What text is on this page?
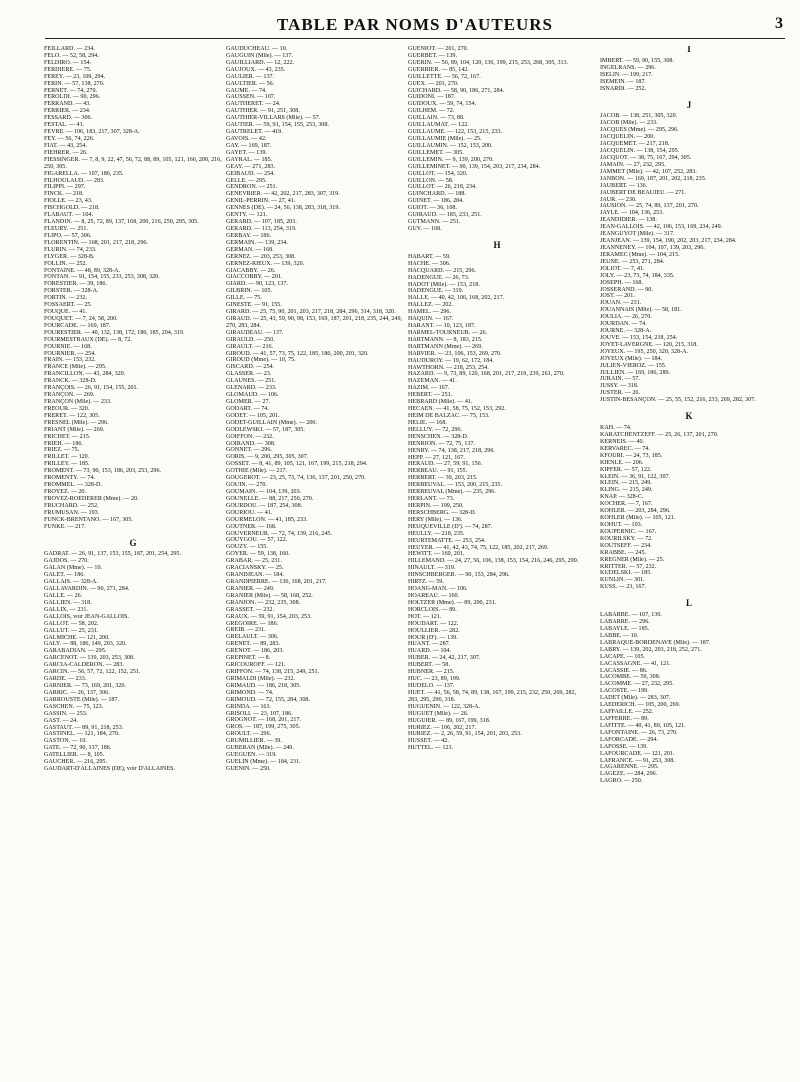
TABLE PAR NOMS D'AUTEURS	3
FEILLARD. — 234.
FÉLO. — 52, 58, 294.
FELDIRO. — 154.
FERDIÈRE. — 75.
FEREY. — 23, 109, 294.
FERIN. — 57, 138, 270.
FERNET. — 74, 270.
FEROLDI. — 90, 296.
FERRAND. — 43.
FERRIER. — 234.
FESSARD. — 306.
FESTAL. — 41.
FÈVRE. — 106, 183, 217, 307, 328-A.
FEY. — 56, 74, 226.
FIAT. — 43, 254.
FIEHRER. — 26.
FIESSINGER. — 7, 8, 9, 22, 47, 56, 72, 88, 89, 105, 121, 166, 200, 216, 250, 305.
FIGARELLA. — 107, 186, 235.
FILHOULAUD. — 283.
FILIPPI. — 297.
FINCK. — 218.
FIOLLE. — 23, 43.
FISCHGOLD. — 218.
FLABAUT. — 104.
FLANDIN. — 8, 25, 72, 89, 137, 168, 200, 216, 250, 295, 305.
FLEURY. — 251.
FLIPO. — 57, 306.
FLORENTIN. — 168, 201, 217, 218, 296.
FLURIN. — 74, 233.
FLYGER. — 328-B.
FOLLIN. — 252.
FONTAINE. — 48, 89, 328-A.
FONTAN. — 91, 154, 155, 233, 253, 308, 320.
FORESTIER. — 39, 186.
FORSTER. — 328-A.
FORTIN. — 232.
FOSSAERT. — 25.
FOUQUE. — 41.
FOUQUET. — 7, 24, 58, 200.
FOURCADE. — 169, 187.
FOURESTIER. — 40, 132, 138, 172, 180, 185, 204, 319.
FOURMESTRAUX (DE). — 8, 72.
FOURNIÉ. — 168.
FOURNIER. — 254.
FRAIN. — 153, 232.
FRANCE (Mlle). — 295.
FRANCILLON. — 43, 284, 320.
FRANCK. — 328-D.
FRANÇOIS. — 26, 91, 154, 155, 201.
FRANÇON. — 269.
FRANÇON (Mlle). — 233.
FRÉOUR. — 320.
FRÉRET. — 122, 305.
FRESNEL (Mlle). — 296.
FRIANT (Mlle). — 269.
FRICHET. — 215.
FRIEH. — 186.
FRIEZ. — 75.
FRILLET. — 120.
FRILLEY. — 185.
FROMENT. — 73, 90, 153, 186, 203, 253, 296.
FROMENTY. — 74.
FROMMEL. — 328-D.
FROYEZ. — 20.
FROYEZ-ROEDERER (Mme). — 20.
FRUCHARD. — 252.
FRUMUSAN. — 193.
FUNCK-BRENTANO. — 167, 305.
FUNKE. — 217.
G
GADRAT. — 26, 91, 137, 153, 155, 187, 201, 254, 295.
GAJDOS. — 270.
GALAN (Mme). — 10.
GALET. — 186.
GALLAIS. — 328-A.
GALLAVARDIN. — 90, 271, 284.
GALLE. — 26.
GALLIEN. — 318.
GALLIX. — 231.
GALLOIS, voir JEAN-GALLOIS.
GALLOT. — 58, 202.
GALLUT. — 25, 231.
GALMICHE. — 121, 200.
GALY. — 88, 186, 149, 203, 320.
GARABADIAN. — 295.
GARCENOT. — 139, 203, 253, 308.
GARCIA-CALDERON. — 283.
GARCIN. — 56, 57, 72, 122, 152, 251.
GARDE. — 233.
GARNIER. — 73, 169, 201, 320.
GARRIC. — 26, 137, 306.
GARROUSTE (Mlle). — 187.
GASCHEN. — 75, 123.
GASSIN. — 253.
GAST. — 24.
GASTAUT. — 89, 91, 218, 253.
GASTINEL. — 121, 184, 270.
GASTON. — 10.
GATÉ. — 72, 90, 137, 186.
GATELLIER. — 8, 105.
GAUCHER. — 216, 295.
GAUDART-D'ALLAINES (DE), voir D'ALLAINES.
GAUDUCHEAU. — 10.
GAUGUIN (Mlle). — 137.
GAUILLIARD. — 12, 222.
GAUJOUX. — 43, 235.
GAULIER. — 137.
GAULTIER. — 56.
GAUME. — 74.
GAUSSEN. — 107.
GAUTHERET. — 24.
GAUTHIER. — 91, 251, 308.
GAUTHIER-VILLARS (Mlle). — 57.
GAUTIER. — 59, 91, 154, 155, 253, 308.
GAUTRELET. — 419.
GAVOIS. — 42.
GAY. — 169, 187.
GAYET. — 139.
GAYRAL. — 185.
GEAY. — 271, 283.
GEIBAUD. — 254.
GELLÉ. — 295.
GENDRON. — 251.
GENEVRIER. — 42, 202, 217, 283, 307, 319.
GENIL-PERRIN. — 27, 41.
GENNES (DE). — 24, 56, 138, 283, 318, 319.
GENTY. — 121.
GÉRARD. — 107, 185, 203.
GÉRARD. — 113, 254, 319.
GERBAY. — 186.
GERMAIN. — 139, 234.
GERMAN. — 168.
GERNEZ. — 203, 253, 308.
GERNEZ-RIEUX. — 139, 320.
GIACABBY. — 26.
GIACCOBBY. — 201.
GIARD. — 90, 123, 137.
GILBRIN. — 105.
GILLE. — 75.
GINESTE. — 91, 155.
GIRARD. — 25, 75, 90, 201, 203, 217, 218, 284, 296, 314, 318, 320.
GIRAUD. — 25, 43, 59, 90, 98, 153, 169, 187, 201, 218, 235, 244, 249, 270, 283, 284.
GIRAUDEAU. — 137.
GIRAULD. — 250.
GIRAULT. — 216.
GIROUD. — 41, 57, 73, 75, 122, 185, 186, 200, 201, 320.
GIROUD (Mme). — 10, 75.
GISCARD. — 254.
GLASSER. — 23.
GLAUNES. — 251.
GLÉNARD. — 233.
GLOMAUD. — 106.
GLOMER. — 27.
GODART. — 74.
GODET. — 105, 201.
GODET-GUILLAIN (Mme). — 200.
GODLEWSKI. — 57, 187, 305.
GOIFFON. — 232.
GOIRAND. — 308.
GONNET. — 296.
GORIS. — 9, 200, 295, 305, 307.
GOSSET. — 8, 41, 89, 105, 121, 167, 199, 215, 218, 294.
GOTHIÉ (Mlle). — 217.
GOUGEROT. — 23, 25, 73, 74, 136, 137, 201, 250, 270.
GOUIN. — 270.
GOUMAIN. — 104, 139, 203.
GOUNELLE. — 88, 217, 250, 270.
GOURDOU. — 187, 254, 308.
GOURIOU. — 41.
GOURMELON. — 41, 185, 233.
GOUTNER. — 168.
GOUVERNEUR. — 72, 74, 139, 216, 245.
GOUYGOU. — 57, 122.
GOUZY. — 155.
GOYER. — 59, 138, 160.
GRABAR. — 25, 231.
GRACIANSKY. — 25.
GRANDJEAN. — 184.
GRANDPIERRE. — 136, 168, 201, 217.
GRANIER. — 249.
GRANIER (Mlle). — 58, 168, 252.
GRANJON. — 232, 235, 308.
GRASSET. — 232.
GRAUX. — 59, 91, 154, 203, 253.
GRÉGOIRE. — 186.
GREIB. — 231.
GRÉLAULT. — 306.
GRENET. — 89, 283.
GRENOT. — 186, 203.
GRÉPINET. — 8.
GRICOUROFF. — 121.
GRIFFON. — 74, 138, 215, 249, 251.
GRIMALDI (Mlle). — 232.
GRIMAUD. — 186, 218, 305.
GRIMOND. — 74.
GRIMOUD. — 72, 155, 284, 308.
GRINDA. — 163.
GRISOLI. — 23, 107, 186.
GROGNOT. — 168, 201, 217.
GROS. — 187, 199, 275, 305.
GROULT. — 296.
GRUMILLIER. — 39.
GUBERAN (Mlle). — 249.
GUEGUEN. — 319.
GUELIN (Mme). — 184, 231.
GUÉNIN. — 250.
GUÉNIOT. — 201, 270.
GUERBET. — 139.
GUÉRIN. — 56, 89, 104, 120, 136, 199, 215, 253, 268, 305, 313.
GUERRIER. — 85, 142.
GUILLETTE. — 56, 72, 167.
GUEX. — 201, 270.
GUICHARD. — 58, 90, 186, 271, 284.
GUIDONI. — 187.
GUIDOUX. — 59, 74, 154.
GUILHEM. — 72.
GUILLAIN. — 73, 88.
GUILLAUMAT. — 122.
GUILLAUME. — 122, 153, 215, 233.
GUILLAUMIE (Mlle). — 25.
GUILLAUMIN. — 152, 153, 200.
GUILLEMET. — 305.
GUILLEMIN. — 9, 139, 200, 270.
GUILLEMINET. — 90, 139, 154, 203, 217, 234, 284.
GUILLOT. — 154, 320.
GUILLON. — 58.
GUILLOT. — 26, 218, 234.
GUINCHARD. — 188.
GUINET. — 186, 284.
GUIOT. — 36, 108.
GUIRAUD. — 185, 233, 251.
GUTMANN. — 251.
GUY. — 168.
H
HABART. — 59.
HACHE. — 306.
HACQUARD. — 215, 296.
HADENGUE. — 26, 73.
HADOT (Mlle). — 153, 218.
HADENGUE. — 319.
HALLÉ. — 40, 42, 106, 168, 202, 217.
HALLEZ. — 202.
HAMEL. — 296.
HAQUIN. — 167.
HARANT. — 10, 123, 187.
HARMEL-TOURNEUR. — 26.
HARTMANN. — 8, 183, 215.
HARTMANN (Mme). — 269.
HARVIER. — 23, 106, 153, 269, 270.
HAUDUROY. — 19, 62, 172, 184.
HAWTHORN. — 218, 253, 254.
HAZARD. — 9, 73, 89, 120, 168, 201, 217, 219, 239, 261, 270.
HAZEMAN. — 41.
HAZIM. — 167.
HÉBERT. — 251.
HÉBRARD (Mlle). — 41.
HECAEN. — 41, 58, 75, 152, 153, 292.
HEIM DE BALZAC. — 75, 153.
HÉLIE. — 168.
HELLUY. — 72, 296.
HENSCHEN. — 328-D.
HENRION. — 72, 75, 137.
HENRY. — 74, 138, 217, 218, 296.
HEPP. — 27, 121, 167.
HÉRAUD. — 27, 59, 91, 156.
HERBEAU. — 91, 155.
HERBERT. — 39, 203, 215.
HERBEUVAL. — 153, 200, 215, 235.
HERBEUVAL (Mme). — 235, 296.
HERLANT. — 73.
HERPIN. — 199, 250.
HERSCHBERG. — 328-D.
HERY (Mlle). — 136.
HEUQUEVILLE (D'). — 74, 287.
HEULLY. — 218, 235.
HEURTEMATTE. — 253, 254.
HEUYER. — 41, 42, 43, 74, 75, 122, 185, 202, 217, 269.
HEWITT. — 169, 201.
HILLEMAND. — 24, 27, 56, 106, 138, 153, 154, 216, 246, 295, 299.
HINAULT. — 319.
HINSCHBERGER. — 90, 153, 284, 296.
HIRTZ. — 59.
HOANG-MAN. — 106.
HOAREAU. — 160.
HOLTZER (Mme). — 89, 200, 231.
HORCLOIS. — 89.
HOT. — 121.
HOUDART. — 122.
HOULLIER. — 282.
HOUR (D'). — 139.
HUANT. — 287.
HUARD. — 104.
HUBER. — 24, 42, 217, 307.
HUBERT. — 58.
HUBNER. — 215.
HUC. — 23, 89, 199.
HUDELO. — 137.
HUET. — 41, 56, 58, 74, 89, 138, 167, 199, 215, 232, 250, 269, 282, 283, 295, 296, 318.
HUGUENIN. — 122, 328-A.
HUGUET (Mlle). — 26.
HUGUIER. — 89, 167, 199, 318.
HURIEZ. — 106, 202, 217.
HURIEZ. — 2, 26, 59, 91, 154, 201, 203, 253.
HUSSET. — 42.
HUTTEL. — 123.
I
IMBERT. — 59, 90, 155, 308.
INGELRANS. — 296.
ISELIN. — 199, 217.
ISEMEIN. — 187.
ISNARDI. — 252.
J
JACOB. — 138, 251, 305, 320.
JACOB (Mlle). — 233.
JACQUES (Mme). — 295, 296.
JACQUELIN. — 200.
JACQUEMET. — 217, 218.
JACQUELIN. — 138, 154, 295.
JACQUOT. — 38, 75, 167, 294, 305.
JAMAIN. — 27, 232, 295.
JAMMET (Mlle). — 42, 107, 252, 283.
JANBON. — 169, 187, 201, 202, 218, 235.
JAUBERT. — 136.
JAUBERT DE BEAUJEU. — 271.
JAUR. — 230.
JAUSION. — 25, 74, 89, 137, 201, 270.
JAYLE. — 104, 136, 253.
JEANDIDIER. — 138.
JEAN-GALLOIS. — 42, 106, 153, 169, 234, 249.
JEANGUYOT (Mlle). — 317.
JEANJEAN. — 139, 154, 190, 202, 203, 217, 234, 284.
JEANNENEY. — 104, 107, 139, 203, 296.
JÉRAMEC (Mme). — 104, 215.
JEUNE. — 253, 271, 284.
JOLIOT. — 7, 41.
JOLY. — 23, 73, 74, 184, 335.
JOSEPH. — 168.
JOSSERAND. — 90.
JOST. — 201.
JOUAN. — 231.
JOUANNAIS (Mlle). — 58, 181.
JOULIA. — 26, 270.
JOURDAN. — 74.
JOURNE. — 328-A.
JOUVE. — 153, 154, 218, 254.
JOYET-LAVERGNE. — 120, 215, 318.
JOYEUX. — 195, 250, 320, 328-A.
JOYEUX (Mlle). — 184.
JULIEN-VIEROZ. — 155.
JULLIEN. — 169, 186, 289.
JURAIN. — 57.
JUSSY. — 318.
JUSTER. — 26.
JUSTIN-BESANÇON. — 25, 55, 152, 216, 233, 269, 282, 307.
K
KAH. — 74.
KARATCHENTZEFF. — 25, 26, 137, 201, 270.
KERNEIS. — 40.
KERVAREC. — 74.
KFOURI. — 24, 73, 185.
KIENLÉ. — 206.
KIPFER. — 57, 122.
KLEIN. — 36, 91, 122, 307.
KLEIN. — 215, 249.
KLING. — 215, 249.
KNAP. — 328-C.
KOCHER. — 7, 167.
KOHLER. — 203, 284, 296.
KOHLER (Mlle). — 105, 121.
KOHUT. — 103.
KOUPERNIC. — 167.
KOURILSKY. — 72.
KOUTSEFF. — 234.
KRABBE. — 245.
KRÉGNER (Mlle). — 25.
KRITTER. — 57, 232.
KUDELSKI. — 185.
KUNLIN. — 301.
KÜSS. — 23, 167.
L
LABARBE. — 107, 130.
LABARRE. — 296.
LABAYLE. — 185.
LABBÉ. — 10.
LABRAQUE-BORDENAVE (Mlle). — 187.
LABRY. — 139, 202, 203, 218, 252, 271.
LACAPE. — 105.
LACASSAGNE. — 41, 121.
LACASSIE. — 86.
LACOMBE. — 59, 308.
LACOMME. — 27, 232, 295.
LACOSTE. — 199.
LADET (Mlle). — 283, 307.
LAEDERICH. — 105, 200, 269.
LAFFAILLE. — 252.
LAFFERRE. — 89.
LAFITTE. — 40, 41, 89, 105, 121.
LAFONTAINE. — 26, 73, 270.
LAFORCADE. — 294.
LAFOSSE. — 139.
LAFOURCADE. — 121, 201.
LAFRANCE. — 91, 253, 308.
LAGARENNE. — 295.
LAGÈZE. — 284, 296.
LAGRO. — 250.
